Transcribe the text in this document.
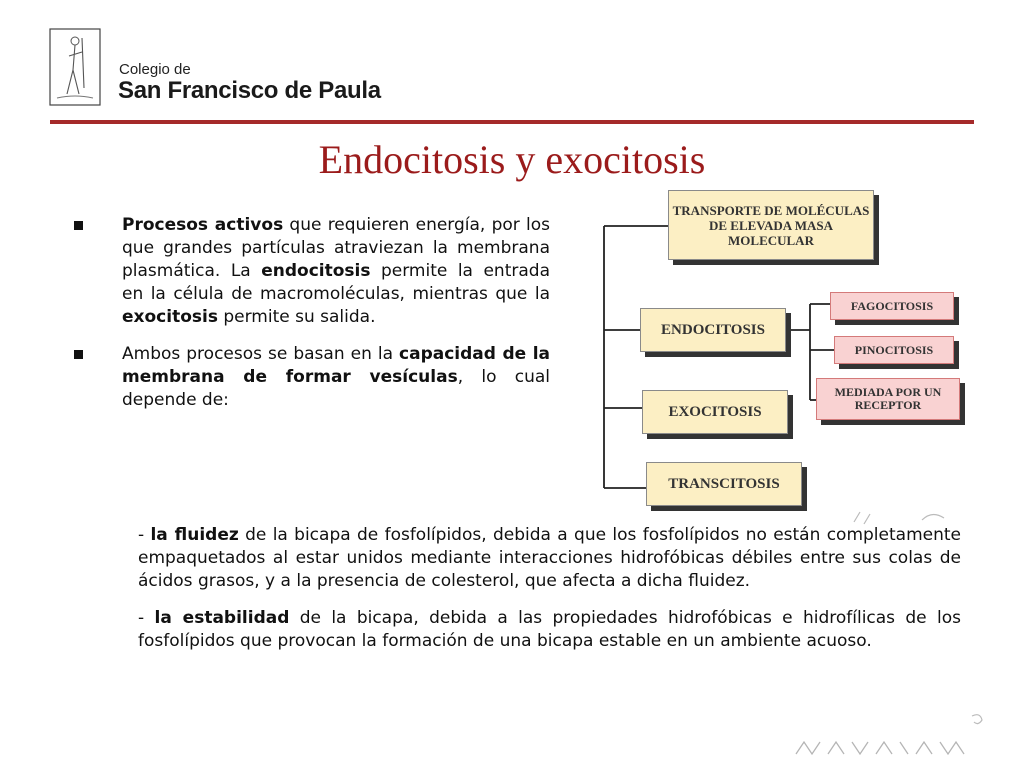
Colegio de
San Francisco de Paula
Endocitosis y exocitosis
Procesos activos que requieren energía, por los que grandes partículas atraviezan la membrana plasmática. La endocitosis permite la entrada en la célula de macromoléculas, mientras que la exocitosis permite su salida.
Ambos procesos se basan en la capacidad de la membrana de formar vesículas, lo cual depende de:
TRANSPORTE DE MOLÉCULAS DE ELEVADA MASA MOLECULAR
ENDOCITOSIS
EXOCITOSIS
TRANSCITOSIS
FAGOCITOSIS
PINOCITOSIS
MEDIADA POR UN RECEPTOR
- la fluidez de la bicapa de fosfolípidos, debida a que los fosfolípidos no están completamente empaquetados al estar unidos mediante interacciones hidrofóbicas débiles entre sus colas de ácidos grasos, y a la presencia de colesterol, que afecta a dicha fluidez.
- la estabilidad de la bicapa, debida a las propiedades hidrofóbicas e hidrofílicas de los fosfolípidos que provocan la formación de una bicapa estable en un ambiente acuoso.
